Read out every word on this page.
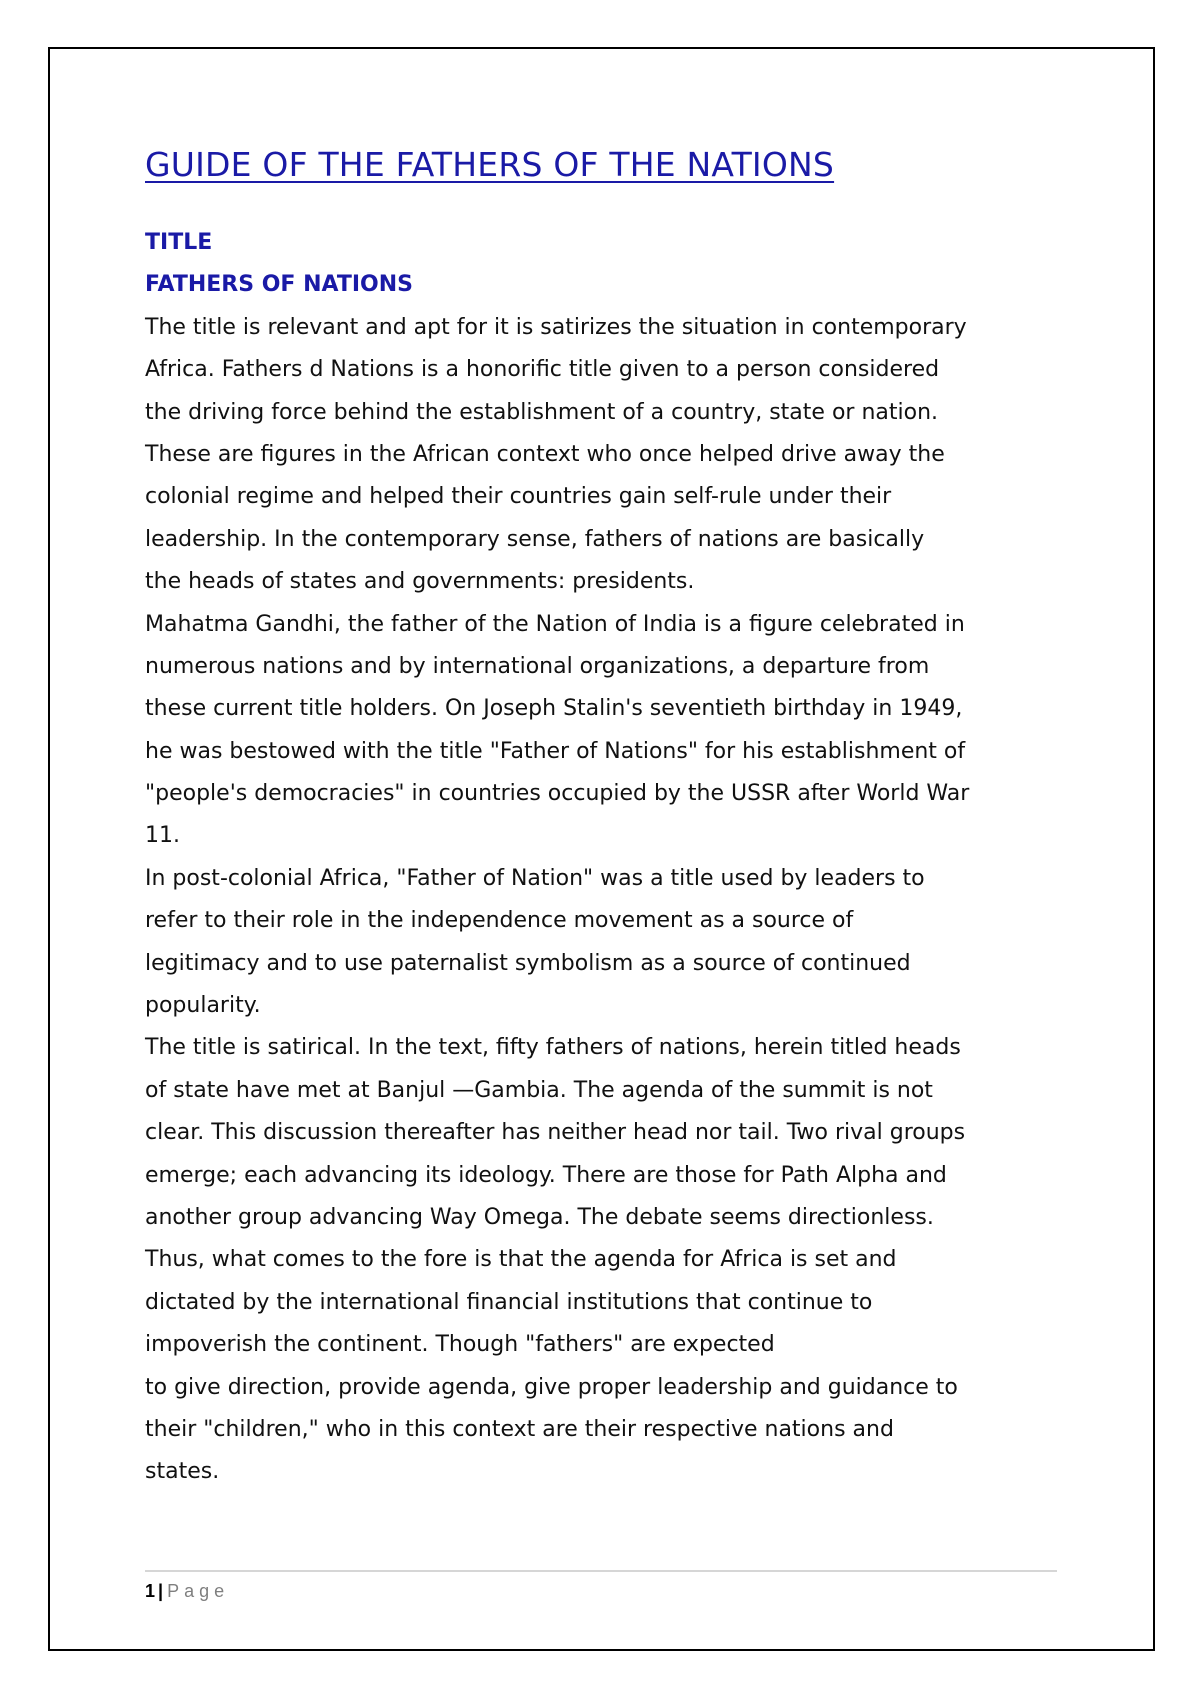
GUIDE OF THE FATHERS OF THE NATIONS
TITLE
FATHERS OF NATIONS
The title is relevant and apt for it is satirizes the situation in contemporary
Africa. Fathers d Nations is a honorific title given to a person considered
the driving force behind the establishment of a country, state or nation.
These are figures in the African context who once helped drive away the
colonial regime and helped their countries gain self-rule under their
leadership. In the contemporary sense, fathers of nations are basically
the heads of states and governments: presidents.
Mahatma Gandhi, the father of the Nation of India is a figure celebrated in
numerous nations and by international organizations, a departure from
these current title holders. On Joseph Stalin's seventieth birthday in 1949,
he was bestowed with the title "Father of Nations" for his establishment of
"people's democracies" in countries occupied by the USSR after World War
11.
In post-colonial Africa, "Father of Nation" was a title used by leaders to
refer to their role in the independence movement as a source of
legitimacy and to use paternalist symbolism as a source of continued
popularity.
The title is satirical. In the text, fifty fathers of nations, herein titled heads
of state have met at Banjul —Gambia. The agenda of the summit is not
clear. This discussion thereafter has neither head nor tail. Two rival groups
emerge; each advancing its ideology. There are those for Path Alpha and
another group advancing Way Omega. The debate seems directionless.
Thus, what comes to the fore is that the agenda for Africa is set and
dictated by the international financial institutions that continue to
impoverish the continent. Though "fathers" are expected
to give direction, provide agenda, give proper leadership and guidance to
their "children," who in this context are their respective nations and
states.
1 | Page
